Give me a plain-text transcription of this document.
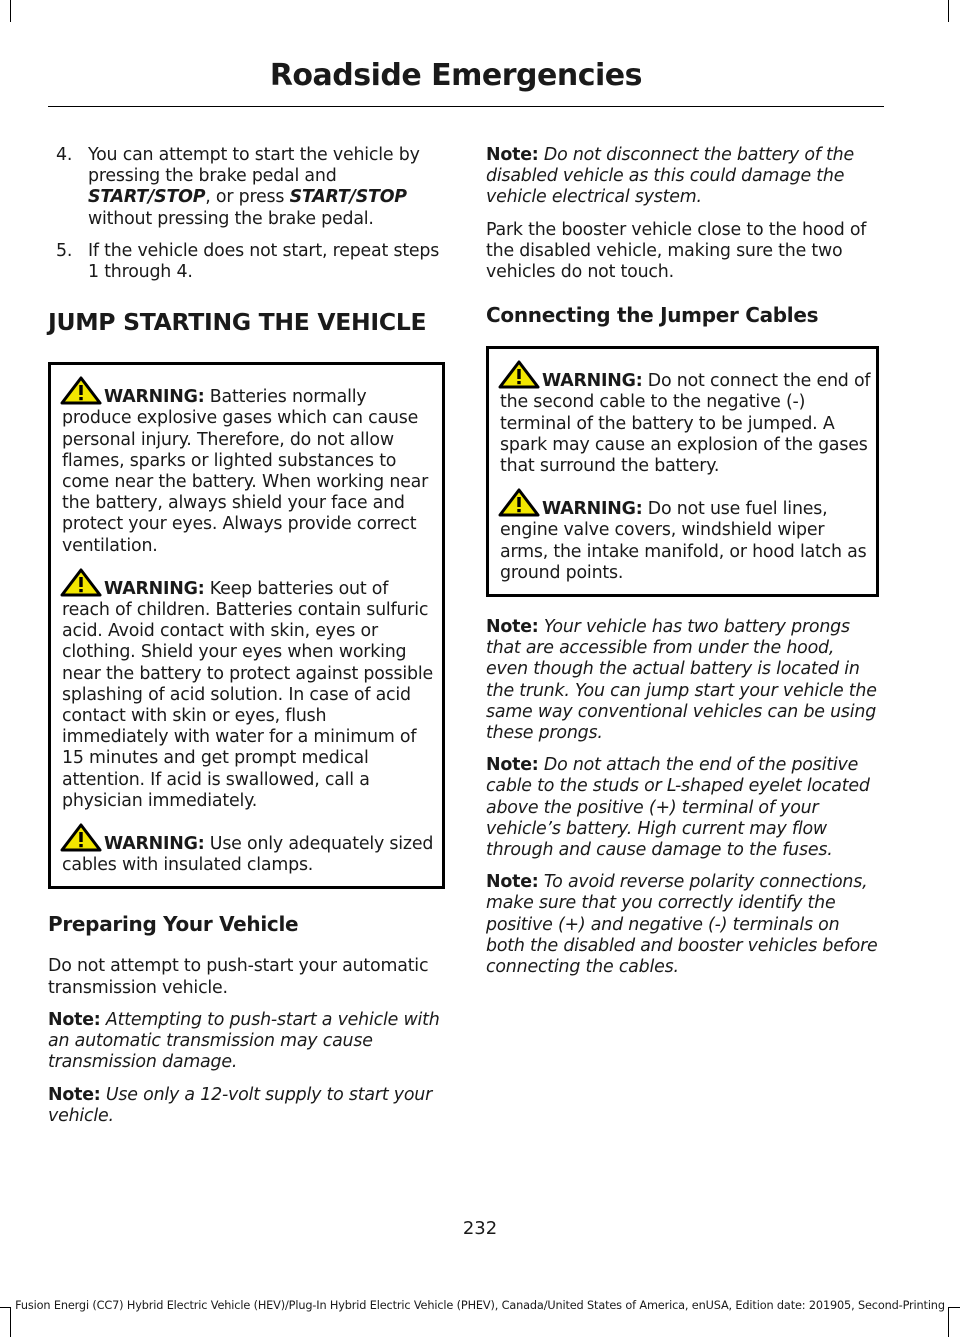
Roadside Emergencies
4. You can attempt to start the vehicle by pressing the brake pedal and START/STOP, or press START/STOP without pressing the brake pedal.
5. If the vehicle does not start, repeat steps 1 through 4.
JUMP STARTING THE VEHICLE

WARNING: Batteries normally produce explosive gases which can cause personal injury. Therefore, do not allow flames, sparks or lighted substances to come near the battery. When working near the battery, always shield your face and protect your eyes. Always provide correct ventilation.

WARNING: Keep batteries out of reach of children. Batteries contain sulfuric acid. Avoid contact with skin, eyes or clothing. Shield your eyes when working near the battery to protect against possible splashing of acid solution. In case of acid contact with skin or eyes, flush immediately with water for a minimum of 15 minutes and get prompt medical attention. If acid is swallowed, call a physician immediately.

WARNING: Use only adequately sized cables with insulated clamps.

Preparing Your Vehicle

Do not attempt to push-start your automatic transmission vehicle.

Note: Attempting to push-start a vehicle with an automatic transmission may cause transmission damage.

Note: Use only a 12-volt supply to start your vehicle.

Note: Do not disconnect the battery of the disabled vehicle as this could damage the vehicle electrical system.

Park the booster vehicle close to the hood of the disabled vehicle, making sure the two vehicles do not touch.

Connecting the Jumper Cables

WARNING: Do not connect the end of the second cable to the negative (-) terminal of the battery to be jumped. A spark may cause an explosion of the gases that surround the battery.

WARNING: Do not use fuel lines, engine valve covers, windshield wiper arms, the intake manifold, or hood latch as ground points.

Note: Your vehicle has two battery prongs that are accessible from under the hood, even though the actual battery is located in the trunk. You can jump start your vehicle the same way conventional vehicles can be using these prongs.

Note: Do not attach the end of the positive cable to the studs or L-shaped eyelet located above the positive (+) terminal of your vehicle’s battery. High current may flow through and cause damage to the fuses.

Note: To avoid reverse polarity connections, make sure that you correctly identify the positive (+) and negative (-) terminals on both the disabled and booster vehicles before connecting the cables.

232
Fusion Energi (CC7) Hybrid Electric Vehicle (HEV)/Plug-In Hybrid Electric Vehicle (PHEV), Canada/United States of America, enUSA, Edition date: 201905, Second-Printing
